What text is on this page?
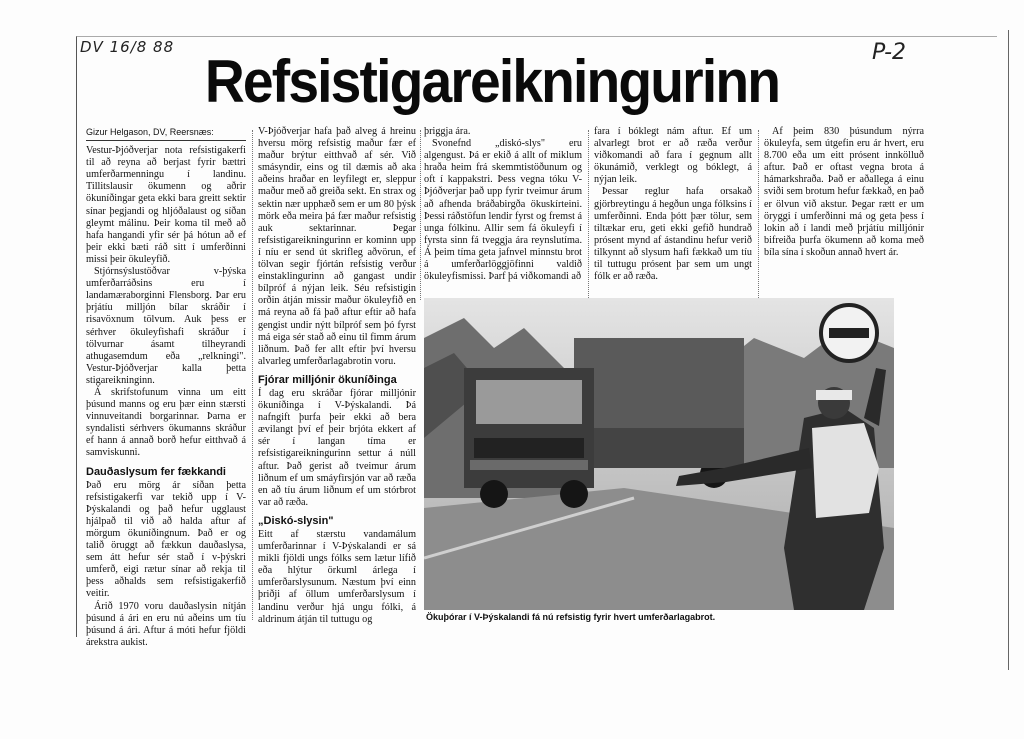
DV 16/8 88	P-2
Refsistigareikningurinn
Gizur Helgason, DV, Reersnæs:

Vestur-Þjóðverjar nota refsistigakerfi til að reyna að berjast fyrir bættri umferðarmenningu í landinu. Tillitslausir ökumenn og aðrir ökuníðingar geta ekki bara greitt sektir sínar þegjandi og hljóðalaust og síðan gleymt málinu. Þeir koma til með að hafa hangandi yfir sér þá hótun að ef þeir ekki bæti ráð sitt í umferðinni missi þeir ökuleyfið.

Stjórnsýslustöðvar v-þýska umferðarráðsins eru í landamæraborginni Flensborg. Þar eru þrjátíu milljón bílar skráðir í risavöxnum tölvum. Auk þess er sérhver ökuleyfishafi skráður í tölvurnar ásamt tilheyrandi athugasemdum eða „relkningi". Vestur-Þjóðverjar kalla þetta stigareikninginn.

Á skrifstofunum vinna um eitt þúsund manns og eru þær einn stærsti vinnuveitandi borgarinnar. Þarna er syndalisti sérhvers ökumanns skráður ef hann á annað borð hefur eitthvað á samviskunni.

Dauðaslysum fer fækkandi

Það eru mörg ár síðan þetta refsistigakerfi var tekið upp í V-Þýskalandi og það hefur ugglaust hjálpað til við að halda aftur af mörgum ökuníðingnum. Það er og talið öruggt að fækkun dauðaslysa, sem átt hefur sér stað í v-þýskri umferð, eigi rætur sínar að rekja til þess aðhalds sem refsistigakerfið veitir.

Árið 1970 voru dauðaslysin nítján þúsund á ári en eru nú aðeins um tíu þúsund á ári. Aftur á móti hefur fjöldi árekstra aukist.

V-Þjóðverjar hafa það alveg á hreinu hversu mörg refsistig maður fær ef maður brýtur eitthvað af sér. Við smásyndir, eins og til dæmis að aka aðeins hraðar en leyfilegt er, sleppur maður með að greiða sekt. En strax og sektin nær upphæð sem er um 80 þýsk mörk eða meira þá fær maður refsistig auk sektarinnar. Þegar refsistigareikningurinn er kominn upp í níu er send út skrifleg aðvörun, ef tölvan segir fjórtán refsistig verður einstaklingurinn að gangast undir bílpróf á nýjan leik. Séu refsistigin orðin átján missir maður ökuleyfið en má reyna að fá það aftur eftir að hafa gengist undir nýtt bílpróf sem þó fyrst má eiga sér stað að einu til fimm árum liðnum. Það fer allt eftir því hversu alvarleg umferðarlagabrotin voru.

Fjórar milljónir ökuníðinga

Í dag eru skráðar fjórar milljónir ökuníðinga í V-Þýskalandi. Þá nafngift þurfa þeir ekki að bera ævilangt því ef þeir brjóta ekkert af sér í langan tíma er refsistigareikningurinn settur á núll aftur. Það gerist að tveimur árum liðnum ef um smáyfirsjón var að ræða en að tíu árum liðnum ef um stórbrot var að ræða.

„Diskó-slysin"

Eitt af stærstu vandamálum umferðarinnar í V-Þýskalandi er sá mikli fjöldi ungs fólks sem lætur lífið eða hlýtur örkuml árlega í umferðarslysunum. Næstum því einn þriðji af öllum umferðarslysum í landinu verður hjá ungu fólki, á aldrinum átján til tuttugu og

þriggja ára.

Svonefnd „diskó-slys" eru algengust. Þá er ekið á allt of miklum hraða heim frá skemmtistöðunum og oft í kappakstri. Þess vegna tóku V-Þjóðverjar það upp fyrir tveimur árum að afhenda bráðabirgða ökuskírteini. Þessi ráðstöfun lendir fyrst og fremst á unga fólkinu. Allir sem fá ökuleyfi í fyrsta sinn fá tveggja ára reynslutíma. Á þeim tíma geta jafnvel minnstu brot á umferðarlöggjöfinni valdið ökuleyfismissi. Þarf þá viðkomandi að

fara í bóklegt nám aftur. Ef um alvarlegt brot er að ræða verður viðkomandi að fara í gegnum allt ökunámið, verklegt og bóklegt, á nýjan leik.

Þessar reglur hafa orsakað gjörbreytingu á hegðun unga fólksins í umferðinni. Enda þótt þær tölur, sem tiltækar eru, geti ekki gefið hundrað prósent mynd af ástandinu hefur verið tilkynnt að slysum hafi fækkað um tíu til tuttugu prósent þar sem um ungt fólk er að ræða.

Af þeim 830 þúsundum nýrra ökuleyfa, sem útgefin eru ár hvert, eru 8.700 eða um eitt prósent innkölluð aftur. Það er oftast vegna brota á hámarkshraða. Það er aðallega á einu sviði sem brotum hefur fækkað, en það er ölvun við akstur. Þegar rætt er um öryggi í umferðinni má og geta þess í lokin að í landi með þrjátíu milljónir bifreiða þurfa ökumenn að koma með bíla sína í skoðun annað hvert ár.

Ökuþórar í V-Þýskalandi fá nú refsistig fyrir hvert umferðarlagabrot.
